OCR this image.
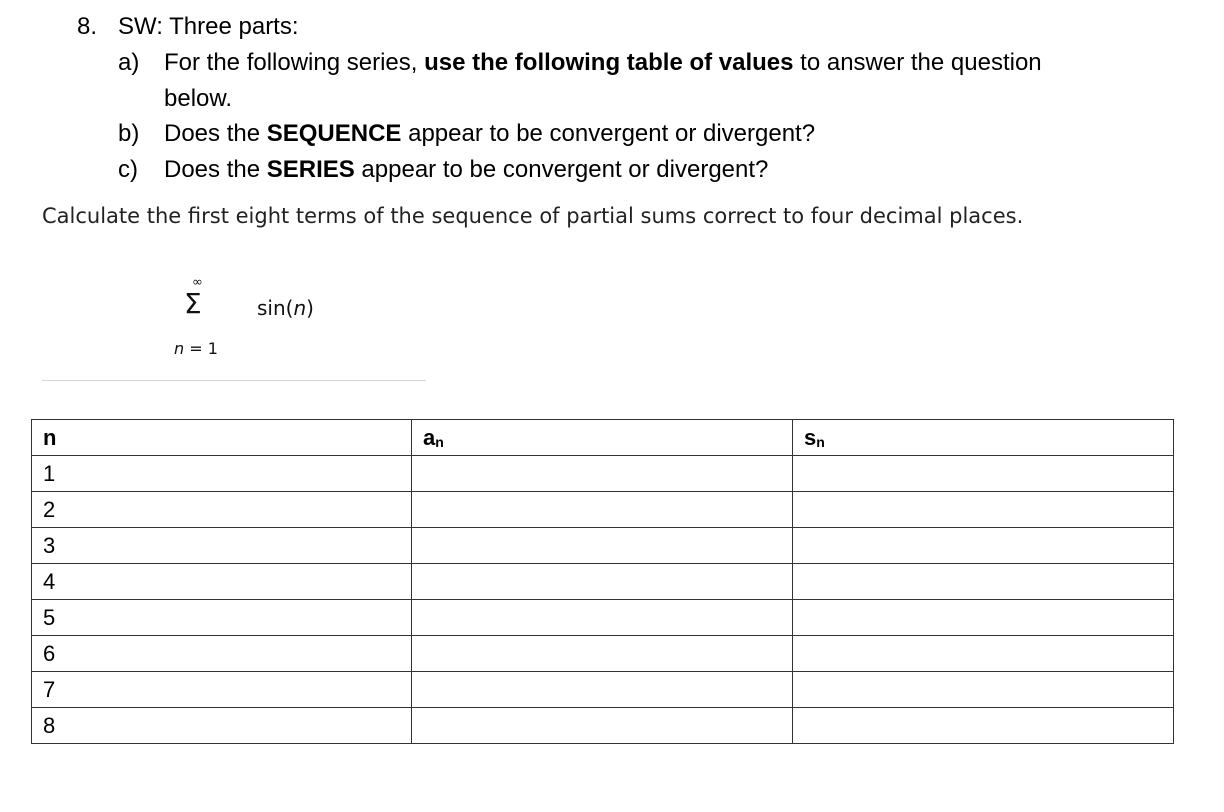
8. SW: Three parts:
a) For the following series, use the following table of values to answer the question
below.
b) Does the SEQUENCE appear to be convergent or divergent?
c) Does the SERIES appear to be convergent or divergent?
Calculate the first eight terms of the sequence of partial sums correct to four decimal places.
∞
Σ	sin(n)
n = 1
n	$a_n$	$s_n$
1		
2		
3		
4		
5		
6		
7		
8		
